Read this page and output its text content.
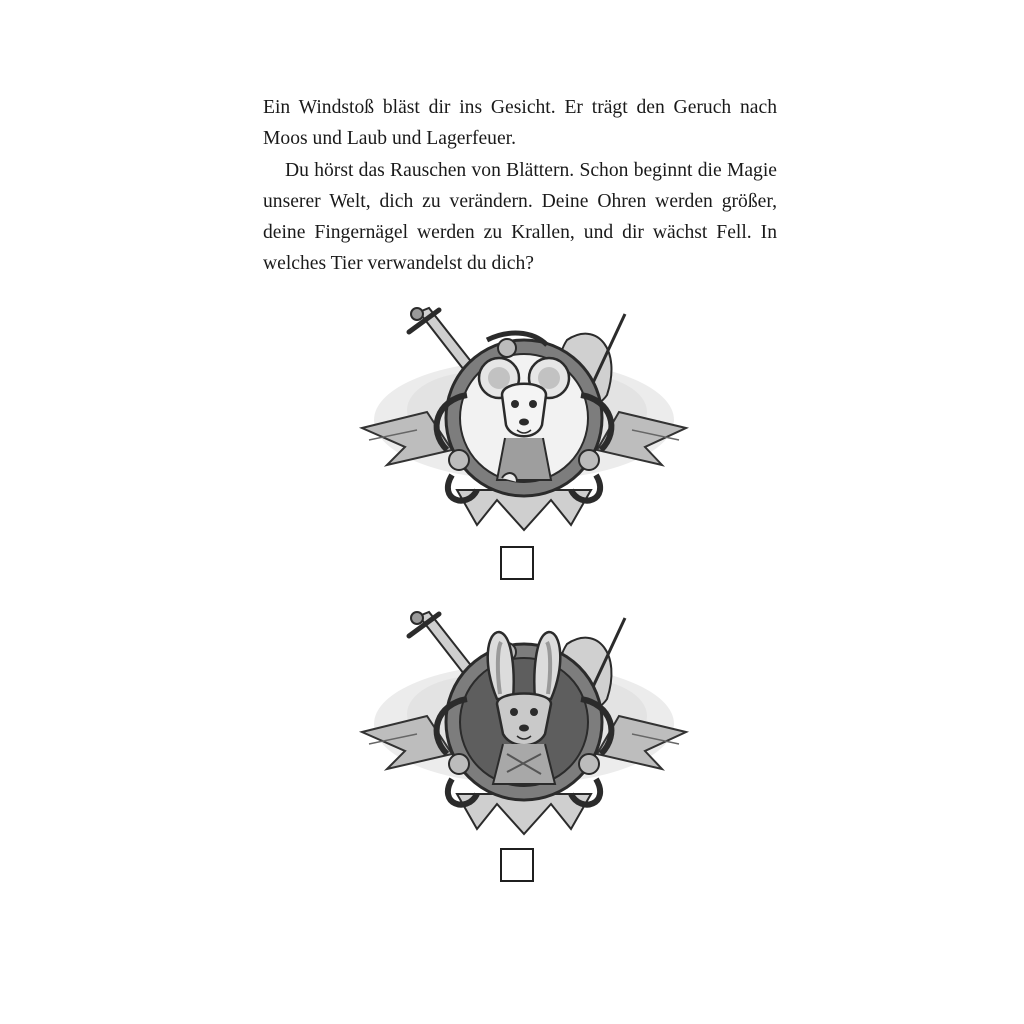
Ein Windstoß bläst dir ins Gesicht. Er trägt den Geruch nach Moos und Laub und Lagerfeuer.

Du hörst das Rauschen von Blättern. Schon beginnt die Magie unserer Welt, dich zu verändern. Deine Ohren werden größer, deine Fingernägel werden zu Krallen, und dir wächst Fell. In welches Tier verwandelst du dich?
